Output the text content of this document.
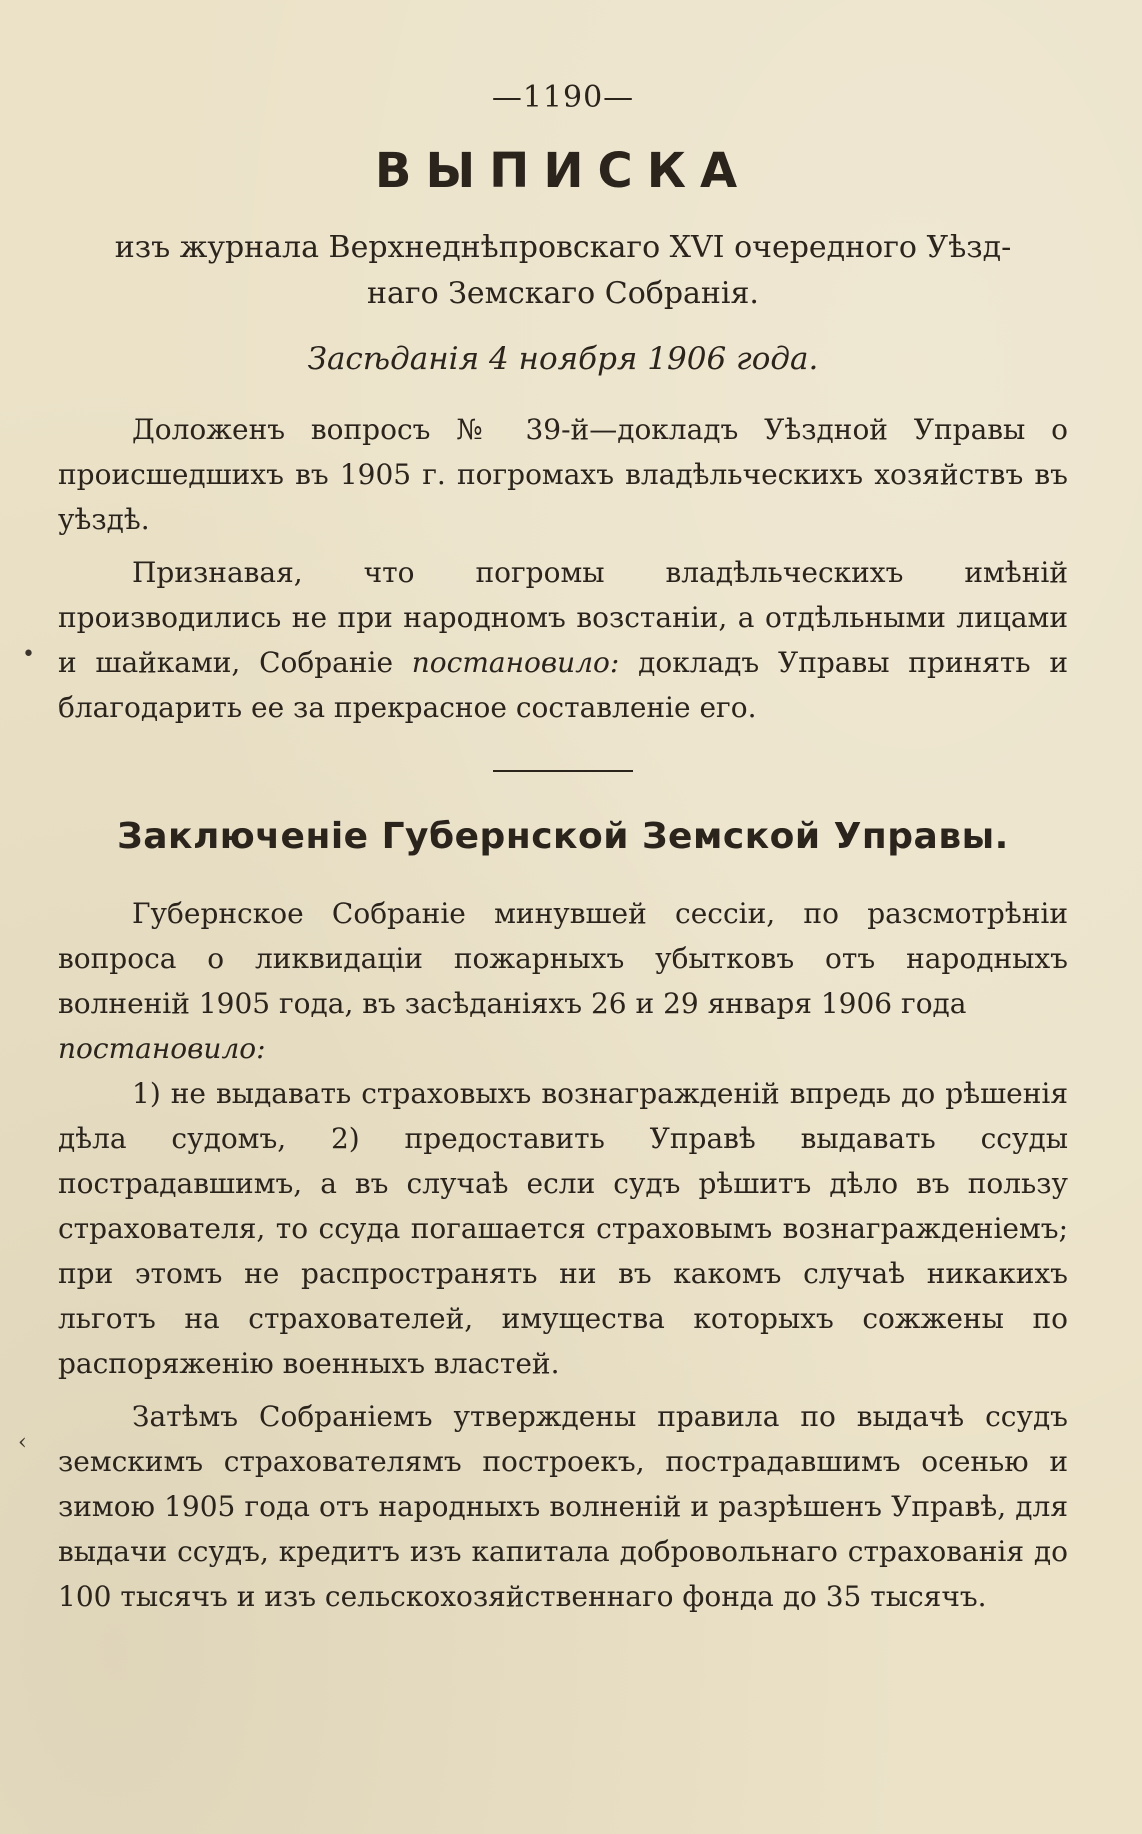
•
‹
—1190—
ВЫПИСКА
изъ журнала Верхнеднѣпровскаго XVI очередного Уѣзд-
наго Земскаго Собранія.
Засѣданія 4 ноября 1906 года.

Доложенъ вопросъ № 39-й—докладъ Уѣздной Управы о происшедшихъ въ 1905 г. погромахъ владѣльческихъ хозяйствъ въ уѣздѣ.

Признавая, что погромы владѣльческихъ имѣній производились не при народномъ возстаніи, а отдѣльными лицами и шайками, Собраніе постановило: докладъ Управы принять и благодарить ее за прекрасное составленіе его.

Заключеніе Губернской Земской Управы.

Губернское Собраніе минувшей сессіи, по разсмотрѣніи вопроса о ликвидаціи пожарныхъ убытковъ отъ народныхъ волненій 1905 года, въ засѣданіяхъ 26 и 29 января 1906 года

постановило:

1) не выдавать страховыхъ вознагражденій впредь до рѣшенія дѣла судомъ, 2) предоставить Управѣ выдавать ссуды пострадавшимъ, а въ случаѣ если судъ рѣшитъ дѣло въ пользу страхователя, то ссуда погашается страховымъ вознагражденіемъ; при этомъ не распространять ни въ какомъ случаѣ никакихъ льготъ на страхователей, имущества которыхъ сожжены по распоряженію военныхъ властей.

Затѣмъ Собраніемъ утверждены правила по выдачѣ ссудъ земскимъ страхователямъ построекъ, пострадавшимъ осенью и зимою 1905 года отъ народныхъ волненій и разрѣшенъ Управѣ, для выдачи ссудъ, кредитъ изъ капитала добровольнаго страхованія до 100 тысячъ и изъ сельскохозяйственнаго фонда до 35 тысячъ.
